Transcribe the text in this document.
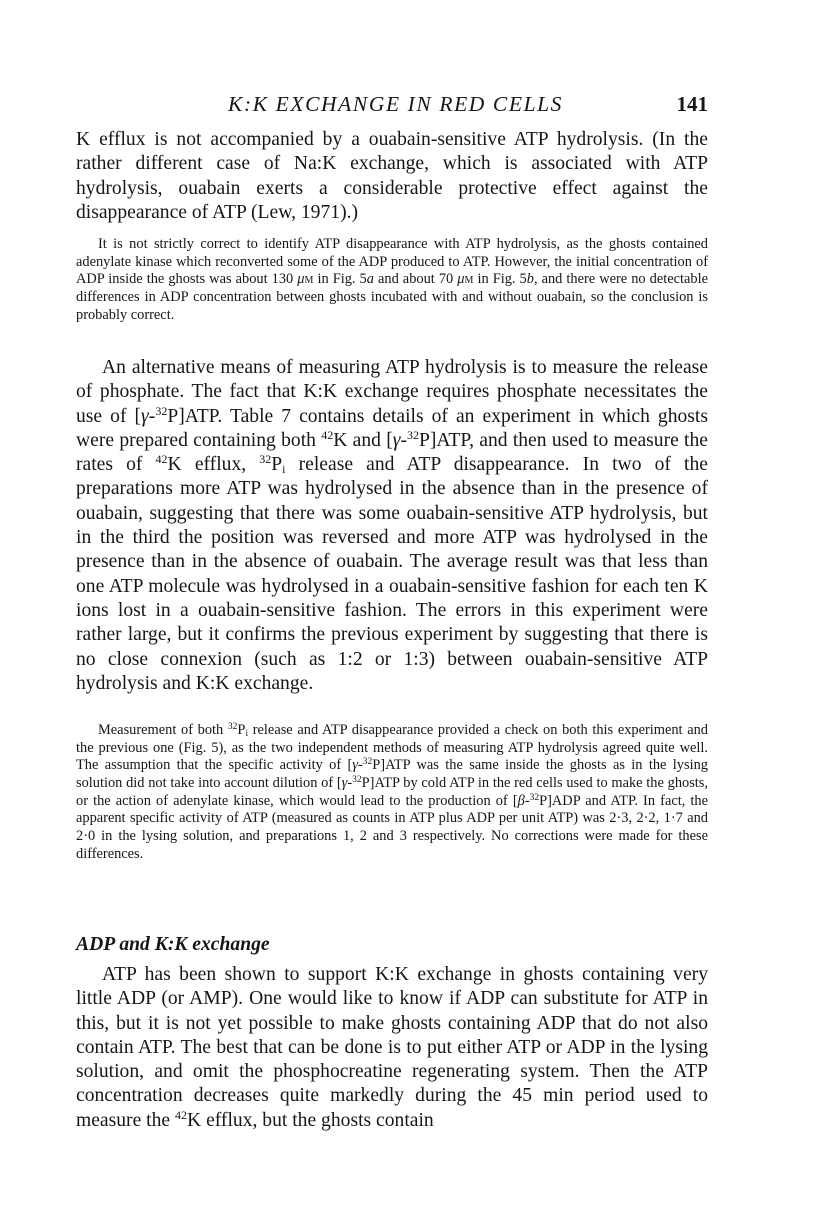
K:K EXCHANGE IN RED CELLS	141

K efflux is not accompanied by a ouabain-sensitive ATP hydrolysis. (In the rather different case of Na:K exchange, which is associated with ATP hydrolysis, ouabain exerts a considerable protective effect against the disappearance of ATP (Lew, 1971).)

It is not strictly correct to identify ATP disappearance with ATP hydrolysis, as the ghosts contained adenylate kinase which reconverted some of the ADP produced to ATP. However, the initial concentration of ADP inside the ghosts was about 130 μm in Fig. 5a and about 70 μm in Fig. 5b, and there were no detectable differences in ADP concentration between ghosts incubated with and without ouabain, so the conclusion is probably correct.

An alternative means of measuring ATP hydrolysis is to measure the release of phosphate. The fact that K:K exchange requires phosphate necessitates the use of [γ-$^{32}$P]ATP. Table 7 contains details of an experiment in which ghosts were prepared containing both $^{42}$K and [γ-$^{32}$P]ATP, and then used to measure the rates of $^{42}$K efflux, $^{32}P_i$ release and ATP disappearance. In two of the preparations more ATP was hydrolysed in the absence than in the presence of ouabain, suggesting that there was some ouabain-sensitive ATP hydrolysis, but in the third the position was reversed and more ATP was hydrolysed in the presence than in the absence of ouabain. The average result was that less than one ATP molecule was hydrolysed in a ouabain-sensitive fashion for each ten K ions lost in a ouabain-sensitive fashion. The errors in this experiment were rather large, but it confirms the previous experiment by suggesting that there is no close connexion (such as 1:2 or 1:3) between ouabain-sensitive ATP hydrolysis and K:K exchange.

Measurement of both $^{32}P_i$ release and ATP disappearance provided a check on both this experiment and the previous one (Fig. 5), as the two independent methods of measuring ATP hydrolysis agreed quite well. The assumption that the specific activity of [γ-$^{32}$P]ATP was the same inside the ghosts as in the lysing solution did not take into account dilution of [γ-$^{32}$P]ATP by cold ATP in the red cells used to make the ghosts, or the action of adenylate kinase, which would lead to the production of [β-$^{32}$P]ADP and ATP. In fact, the apparent specific activity of ATP (measured as counts in ATP plus ADP per unit ATP) was 2·3, 2·2, 1·7 and 2·0 in the lysing solution, and preparations 1, 2 and 3 respectively. No corrections were made for these differences.

ADP and K:K exchange

ATP has been shown to support K:K exchange in ghosts containing very little ADP (or AMP). One would like to know if ADP can substitute for ATP in this, but it is not yet possible to make ghosts containing ADP that do not also contain ATP. The best that can be done is to put either ATP or ADP in the lysing solution, and omit the phosphocreatine regenerating system. Then the ATP concentration decreases quite markedly during the 45 min period used to measure the $^{42}$K efflux, but the ghosts contain
